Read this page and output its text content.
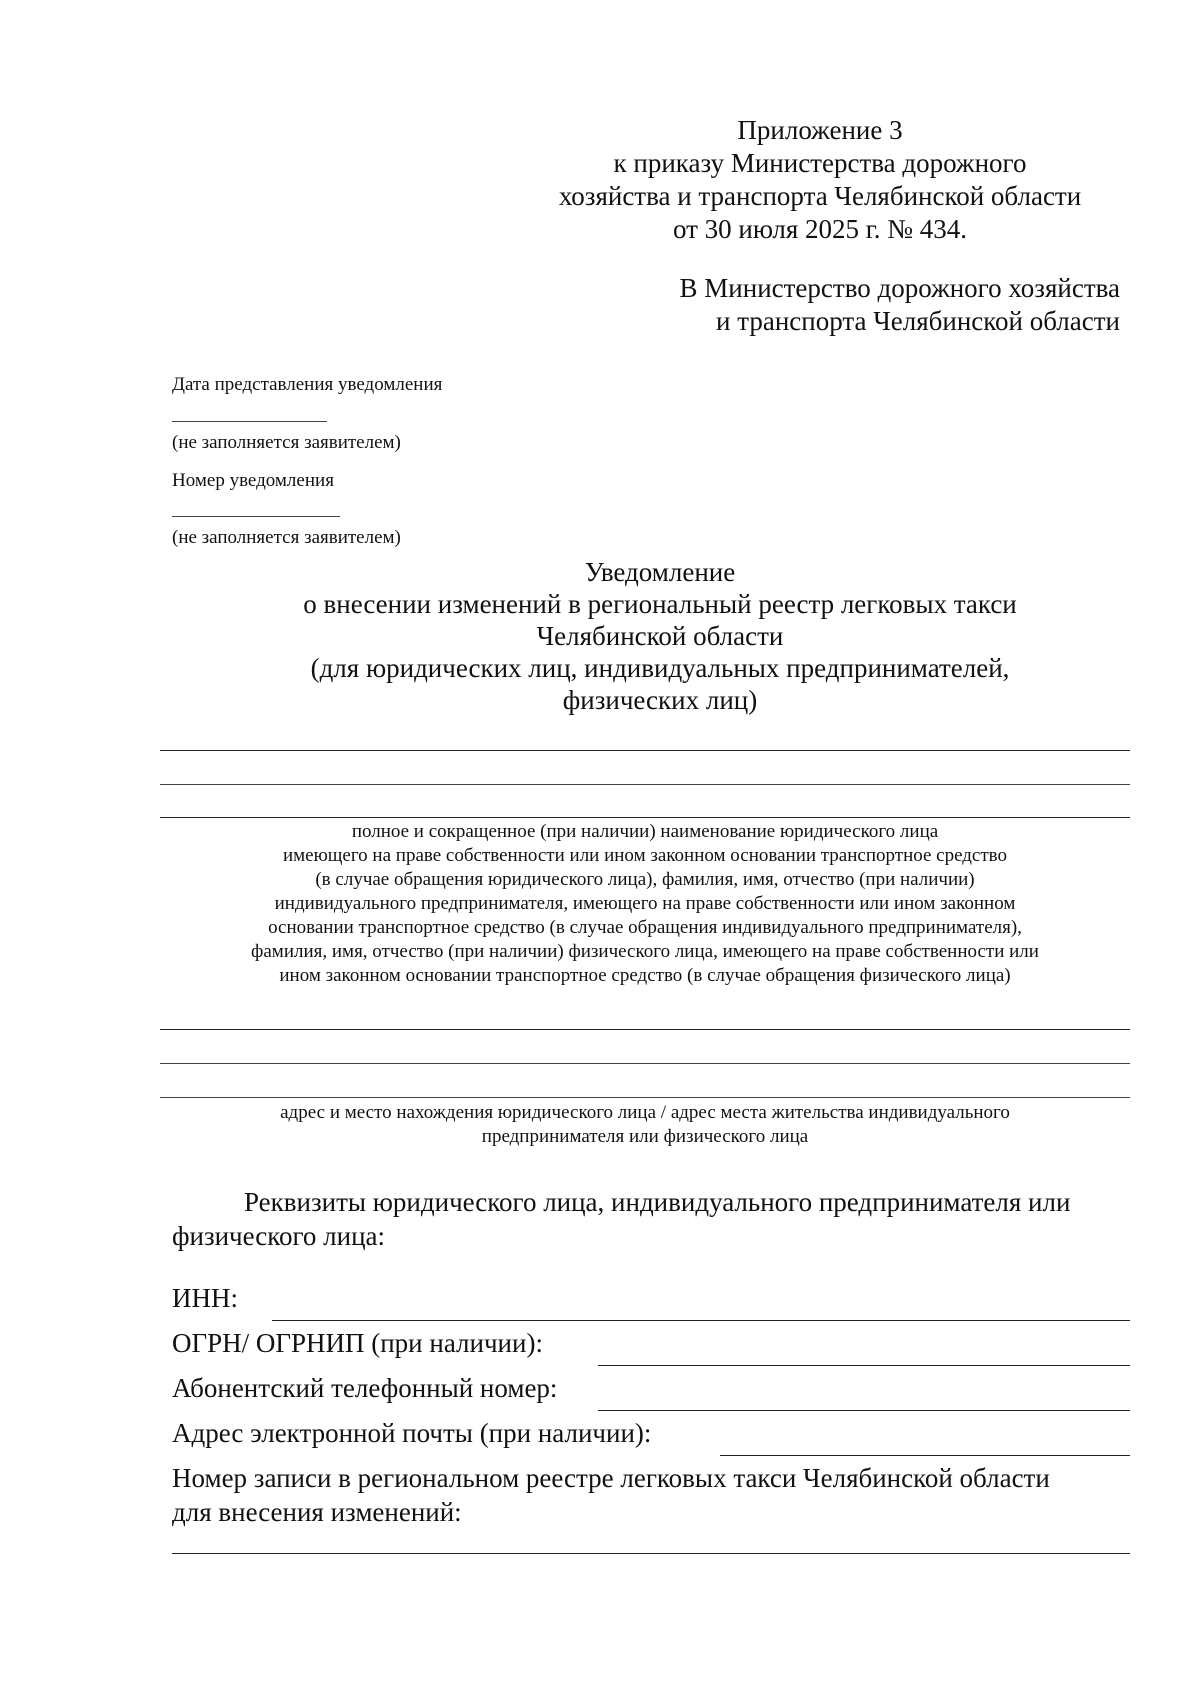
Приложение 3
к приказу Министерства дорожного
хозяйства и транспорта Челябинской области
от 30 июля 2025 г. № 434.
В Министерство дорожного хозяйства
и транспорта Челябинской области
Дата представления уведомления
(не заполняется заявителем)
Номер уведомления
(не заполняется заявителем)
Уведомление
о внесении изменений в региональный реестр легковых такси
Челябинской области
(для юридических лиц, индивидуальных предпринимателей,
физических лиц)
полное и сокращенное (при наличии) наименование юридического лица
имеющего на праве собственности или ином законном основании транспортное средство
(в случае обращения юридического лица), фамилия, имя, отчество (при наличии)
индивидуального предпринимателя, имеющего на праве собственности или ином законном
основании транспортное средство (в случае обращения индивидуального предпринимателя),
фамилия, имя, отчество (при наличии) физического лица, имеющего на праве собственности или
ином законном основании транспортное средство (в случае обращения физического лица)
адрес и место нахождения юридического лица / адрес места жительства индивидуального
предпринимателя или физического лица
Реквизиты юридического лица, индивидуального предпринимателя или
физического лица:
ИНН:
ОГРН/ ОГРНИП (при наличии):
Абонентский телефонный номер:
Адрес электронной почты (при наличии):
Номер записи в региональном реестре легковых такси Челябинской области
для внесения изменений:
